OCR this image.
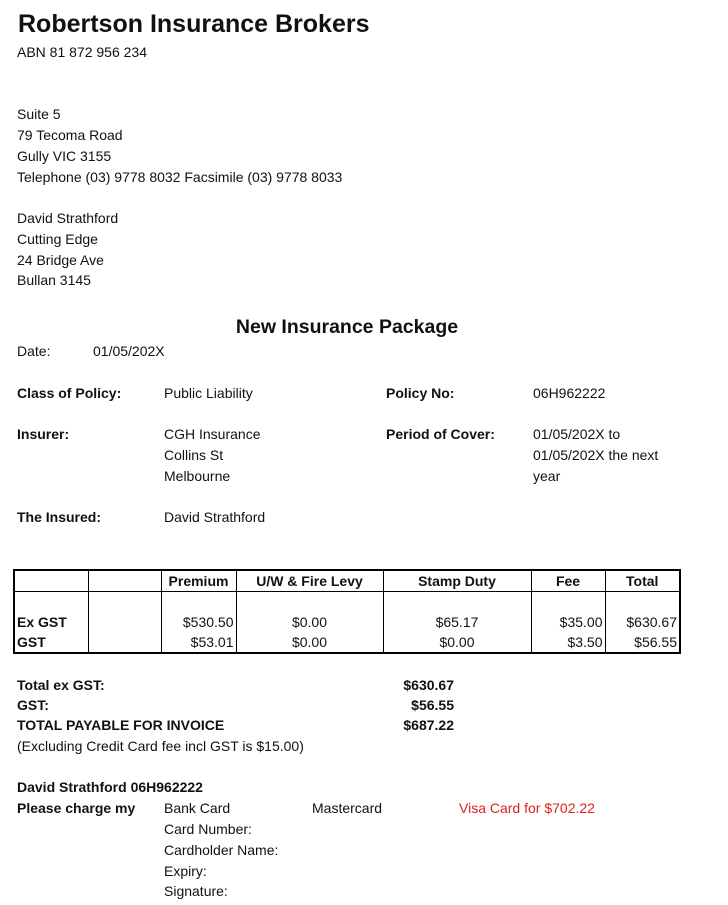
Robertson Insurance Brokers
ABN 81 872 956 234
Suite 5
79 Tecoma Road
Gully VIC 3155
Telephone (03) 9778 8032 Facsimile (03) 9778 8033
David Strathford
Cutting Edge
24 Bridge Ave
Bullan 3145
New Insurance Package
Date:	01/05/202X
Class of Policy:	Public Liability	Policy No:	06H962222
Insurer:	CGH Insurance
Collins St
Melbourne
Period of Cover:	01/05/202X to
01/05/202X the next
year
The Insured:	David Strathford
		Premium	U/W & Fire Levy	Stamp Duty	Fee	Total

Ex GST		$530.50	$0.00	$65.17	$35.00	$630.67
GST		$53.01	$0.00	$0.00	$3.50	$56.55
Total ex GST:	$630.67
GST:	$56.55
TOTAL PAYABLE FOR INVOICE	$687.22
(Excluding Credit Card fee incl GST is $15.00)
David Strathford 06H962222
Please charge my Bank Card	Mastercard	Visa Card for $702.22
Card Number:
Cardholder Name:
Expiry:
Signature:
